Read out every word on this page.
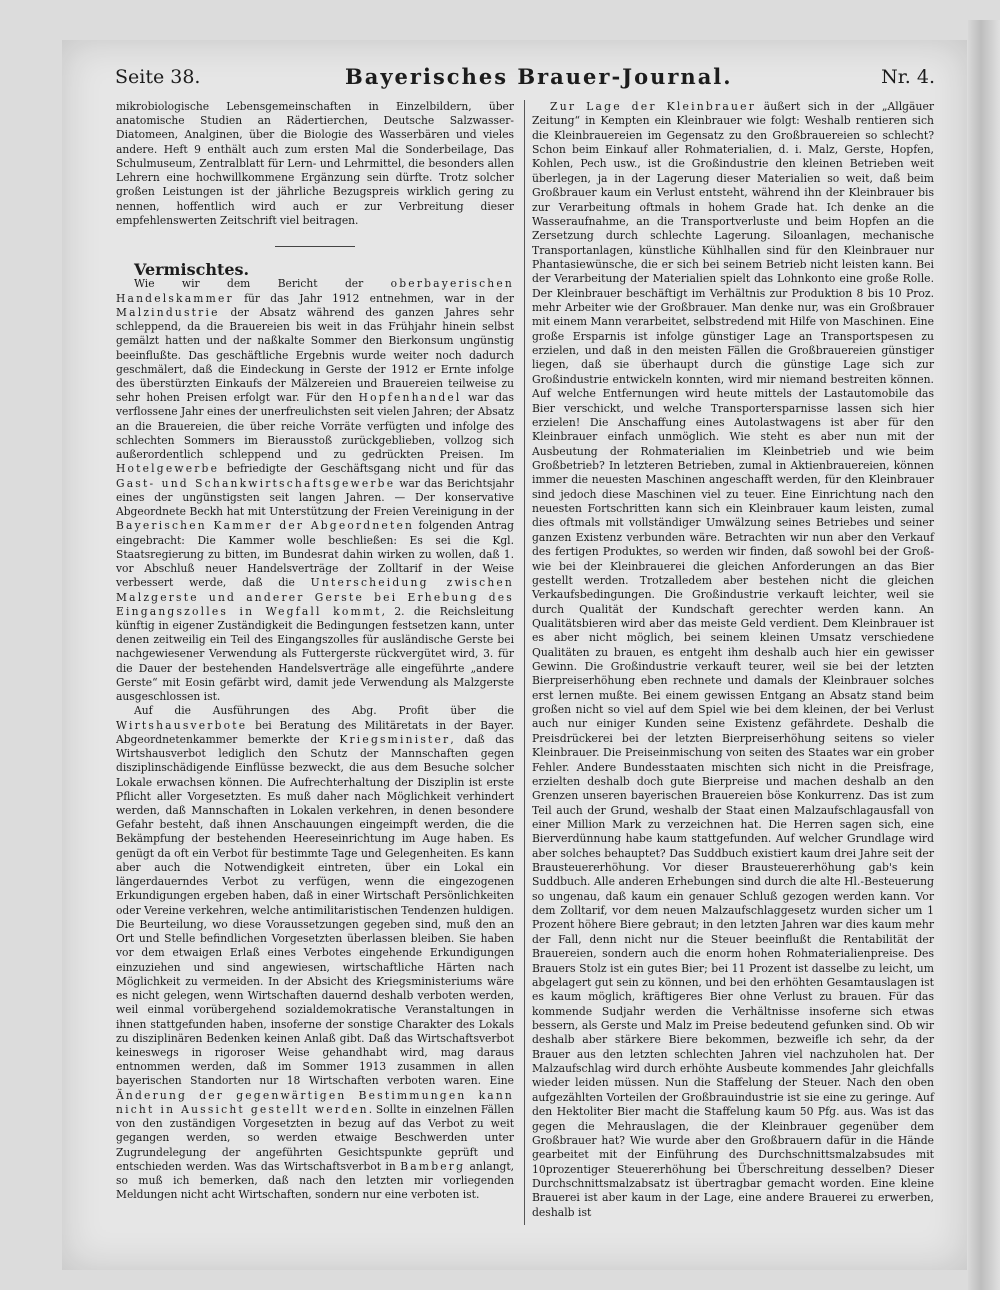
Seite 38.	Bayerisches Brauer-Journal.	Nr. 4.

mikrobiologische Lebensgemeinschaften in Einzelbildern, über anatomische Studien an Rädertierchen, Deutsche Salzwasser-Diatomeen, Analginen, über die Biologie des Wasserbären und vieles andere. Heft 9 enthält auch zum ersten Mal die Sonderbeilage, Das Schulmuseum, Zentralblatt für Lern- und Lehrmittel, die besonders allen Lehrern eine hochwillkommene Ergänzung sein dürfte. Trotz solcher großen Leistungen ist der jährliche Bezugspreis wirklich gering zu nennen, hoffentlich wird auch er zur Verbreitung dieser empfehlenswerten Zeitschrift viel beitragen.

Vermischtes.

Wie wir dem Bericht der oberbayerischen Handelskammer für das Jahr 1912 entnehmen, war in der Malzindustrie der Absatz während des ganzen Jahres sehr schleppend, da die Brauereien bis weit in das Frühjahr hinein selbst gemälzt hatten und der naßkalte Sommer den Bierkonsum ungünstig beeinflußte. Das geschäftliche Ergebnis wurde weiter noch dadurch geschmälert, daß die Eindeckung in Gerste der 1912 er Ernte infolge des überstürzten Einkaufs der Mälzereien und Brauereien teilweise zu sehr hohen Preisen erfolgt war. Für den Hopfenhandel war das verflossene Jahr eines der unerfreulichsten seit vielen Jahren; der Absatz an die Brauereien, die über reiche Vorräte verfügten und infolge des schlechten Sommers im Bierausstoß zurückgeblieben, vollzog sich außerordentlich schleppend und zu gedrückten Preisen. Im Hotelgewerbe befriedigte der Geschäftsgang nicht und für das Gast- und Schankwirtschaftsgewerbe war das Berichtsjahr eines der ungünstigsten seit langen Jahren. — Der konservative Abgeordnete Beckh hat mit Unterstützung der Freien Vereinigung in der Bayerischen Kammer der Abgeordneten folgenden Antrag eingebracht: Die Kammer wolle beschließen: Es sei die Kgl. Staatsregierung zu bitten, im Bundesrat dahin wirken zu wollen, daß 1. vor Abschluß neuer Handelsverträge der Zolltarif in der Weise verbessert werde, daß die Unterscheidung zwischen Malzgerste und anderer Gerste bei Erhebung des Eingangszolles in Wegfall kommt, 2. die Reichsleitung künftig in eigener Zuständigkeit die Bedingungen festsetzen kann, unter denen zeitweilig ein Teil des Eingangszolles für ausländische Gerste bei nachgewiesener Verwendung als Futtergerste rückvergütet wird, 3. für die Dauer der bestehenden Handelsverträge alle eingeführte „andere Gerste“ mit Eosin gefärbt wird, damit jede Verwendung als Malzgerste ausgeschlossen ist.

Auf die Ausführungen des Abg. Profit über die Wirtshausverbote bei Beratung des Militäretats in der Bayer. Abgeordnetenkammer bemerkte der Kriegsminister, daß das Wirtshausverbot lediglich den Schutz der Mannschaften gegen disziplinschädigende Einflüsse bezweckt, die aus dem Besuche solcher Lokale erwachsen können. Die Aufrechterhaltung der Disziplin ist erste Pflicht aller Vorgesetzten. Es muß daher nach Möglichkeit verhindert werden, daß Mannschaften in Lokalen verkehren, in denen besondere Gefahr besteht, daß ihnen Anschauungen eingeimpft werden, die die Bekämpfung der bestehenden Heereseinrichtung im Auge haben. Es genügt da oft ein Verbot für bestimmte Tage und Gelegenheiten. Es kann aber auch die Notwendigkeit eintreten, über ein Lokal ein längerdauerndes Verbot zu verfügen, wenn die eingezogenen Erkundigungen ergeben haben, daß in einer Wirtschaft Persönlichkeiten oder Vereine verkehren, welche antimilitaristischen Tendenzen huldigen. Die Beurteilung, wo diese Voraussetzungen gegeben sind, muß den an Ort und Stelle befindlichen Vorgesetzten überlassen bleiben. Sie haben vor dem etwaigen Erlaß eines Verbotes eingehende Erkundigungen einzuziehen und sind angewiesen, wirtschaftliche Härten nach Möglichkeit zu vermeiden. In der Absicht des Kriegsministeriums wäre es nicht gelegen, wenn Wirtschaften dauernd deshalb verboten werden, weil einmal vorübergehend sozialdemokratische Veranstaltungen in ihnen stattgefunden haben, insoferne der sonstige Charakter des Lokals zu disziplinären Bedenken keinen Anlaß gibt. Daß das Wirtschaftsverbot keineswegs in rigoroser Weise gehandhabt wird, mag daraus entnommen werden, daß im Sommer 1913 zusammen in allen bayerischen Standorten nur 18 Wirtschaften verboten waren. Eine Änderung der gegenwärtigen Bestimmungen kann nicht in Aussicht gestellt werden. Sollte in einzelnen Fällen von den zuständigen Vorgesetzten in bezug auf das Verbot zu weit gegangen werden, so werden etwaige Beschwerden unter Zugrundelegung der angeführten Gesichtspunkte geprüft und entschieden werden. Was das Wirtschaftsverbot in Bamberg anlangt, so muß ich bemerken, daß nach den letzten mir vorliegenden Meldungen nicht acht Wirtschaften, sondern nur eine verboten ist.

Zur Lage der Kleinbrauer äußert sich in der „Allgäuer Zeitung“ in Kempten ein Kleinbrauer wie folgt: Weshalb rentieren sich die Kleinbrauereien im Gegensatz zu den Großbrauereien so schlecht? Schon beim Einkauf aller Rohmaterialien, d. i. Malz, Gerste, Hopfen, Kohlen, Pech usw., ist die Großindustrie den kleinen Betrieben weit überlegen, ja in der Lagerung dieser Materialien so weit, daß beim Großbrauer kaum ein Verlust entsteht, während ihn der Kleinbrauer bis zur Verarbeitung oftmals in hohem Grade hat. Ich denke an die Wasseraufnahme, an die Transportverluste und beim Hopfen an die Zersetzung durch schlechte Lagerung. Siloanlagen, mechanische Transportanlagen, künstliche Kühlhallen sind für den Kleinbrauer nur Phantasiewünsche, die er sich bei seinem Betrieb nicht leisten kann. Bei der Verarbeitung der Materialien spielt das Lohnkonto eine große Rolle. Der Kleinbrauer beschäftigt im Verhältnis zur Produktion 8 bis 10 Proz. mehr Arbeiter wie der Großbrauer. Man denke nur, was ein Großbrauer mit einem Mann verarbeitet, selbstredend mit Hilfe von Maschinen. Eine große Ersparnis ist infolge günstiger Lage an Transportspesen zu erzielen, und daß in den meisten Fällen die Großbrauereien günstiger liegen, daß sie überhaupt durch die günstige Lage sich zur Großindustrie entwickeln konnten, wird mir niemand bestreiten können. Auf welche Entfernungen wird heute mittels der Lastautomobile das Bier verschickt, und welche Transportersparnisse lassen sich hier erzielen! Die Anschaffung eines Autolastwagens ist aber für den Kleinbrauer einfach unmöglich. Wie steht es aber nun mit der Ausbeutung der Rohmaterialien im Kleinbetrieb und wie beim Großbetrieb? In letzteren Betrieben, zumal in Aktienbrauereien, können immer die neuesten Maschinen angeschafft werden, für den Kleinbrauer sind jedoch diese Maschinen viel zu teuer. Eine Einrichtung nach den neuesten Fortschritten kann sich ein Kleinbrauer kaum leisten, zumal dies oftmals mit vollständiger Umwälzung seines Betriebes und seiner ganzen Existenz verbunden wäre. Betrachten wir nun aber den Verkauf des fertigen Produktes, so werden wir finden, daß sowohl bei der Groß- wie bei der Kleinbrauerei die gleichen Anforderungen an das Bier gestellt werden. Trotzalledem aber bestehen nicht die gleichen Verkaufsbedingungen. Die Großindustrie verkauft leichter, weil sie durch Qualität der Kundschaft gerechter werden kann. An Qualitätsbieren wird aber das meiste Geld verdient. Dem Kleinbrauer ist es aber nicht möglich, bei seinem kleinen Umsatz verschiedene Qualitäten zu brauen, es entgeht ihm deshalb auch hier ein gewisser Gewinn. Die Großindustrie verkauft teurer, weil sie bei der letzten Bierpreiserhöhung eben rechnete und damals der Kleinbrauer solches erst lernen mußte. Bei einem gewissen Entgang an Absatz stand beim großen nicht so viel auf dem Spiel wie bei dem kleinen, der bei Verlust auch nur einiger Kunden seine Existenz gefährdete. Deshalb die Preisdrückerei bei der letzten Bierpreiserhöhung seitens so vieler Kleinbrauer. Die Preiseinmischung von seiten des Staates war ein grober Fehler. Andere Bundesstaaten mischten sich nicht in die Preisfrage, erzielten deshalb doch gute Bierpreise und machen deshalb an den Grenzen unseren bayerischen Brauereien böse Konkurrenz. Das ist zum Teil auch der Grund, weshalb der Staat einen Malzaufschlagausfall von einer Million Mark zu verzeichnen hat. Die Herren sagen sich, eine Bierverdünnung habe kaum stattgefunden. Auf welcher Grundlage wird aber solches behauptet? Das Suddbuch existiert kaum drei Jahre seit der Brausteuererhöhung. Vor dieser Brausteuererhöhung gab's kein Suddbuch. Alle anderen Erhebungen sind durch die alte Hl.-Besteuerung so ungenau, daß kaum ein genauer Schluß gezogen werden kann. Vor dem Zolltarif, vor dem neuen Malzaufschlaggesetz wurden sicher um 1 Prozent höhere Biere gebraut; in den letzten Jahren war dies kaum mehr der Fall, denn nicht nur die Steuer beeinflußt die Rentabilität der Brauereien, sondern auch die enorm hohen Rohmaterialienpreise. Des Brauers Stolz ist ein gutes Bier; bei 11 Prozent ist dasselbe zu leicht, um abgelagert gut sein zu können, und bei den erhöhten Gesamtauslagen ist es kaum möglich, kräftigeres Bier ohne Verlust zu brauen. Für das kommende Sudjahr werden die Verhältnisse insoferne sich etwas bessern, als Gerste und Malz im Preise bedeutend gefunken sind. Ob wir deshalb aber stärkere Biere bekommen, bezweifle ich sehr, da der Brauer aus den letzten schlechten Jahren viel nachzuholen hat. Der Malzaufschlag wird durch erhöhte Ausbeute kommendes Jahr gleichfalls wieder leiden müssen. Nun die Staffelung der Steuer. Nach den oben aufgezählten Vorteilen der Großbrauindustrie ist sie eine zu geringe. Auf den Hektoliter Bier macht die Staffelung kaum 50 Pfg. aus. Was ist das gegen die Mehrauslagen, die der Kleinbrauer gegenüber dem Großbrauer hat? Wie wurde aber den Großbrauern dafür in die Hände gearbeitet mit der Einführung des Durchschnittsmalzabsudes mit 10prozentiger Steuererhöhung bei Überschreitung desselben? Dieser Durchschnittsmalzabsatz ist übertragbar gemacht worden. Eine kleine Brauerei ist aber kaum in der Lage, eine andere Brauerei zu erwerben, deshalb ist
